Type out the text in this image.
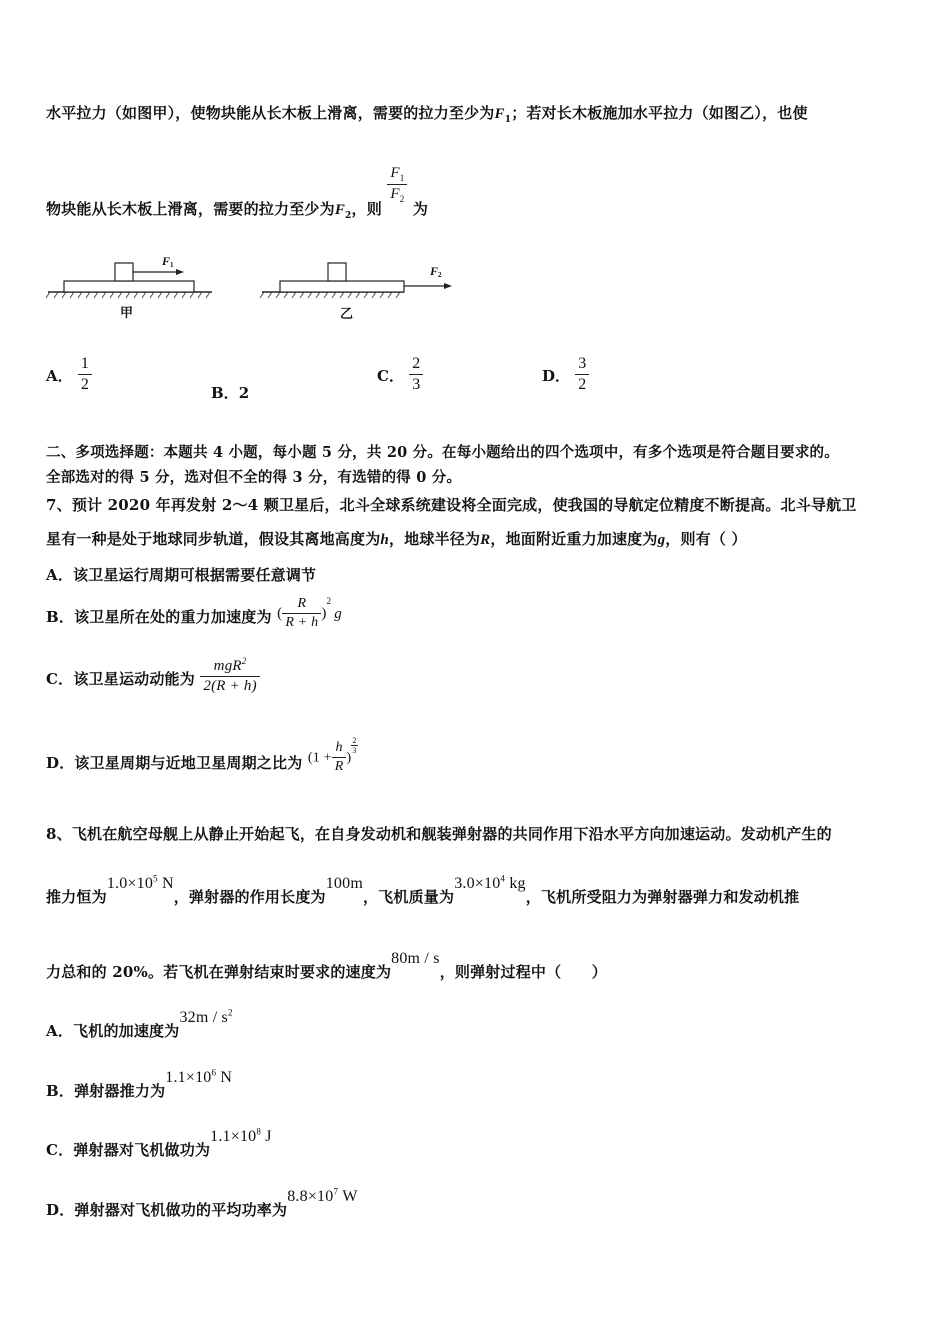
水平拉力（如图甲），使物块能从长木板上滑离，需要的拉力至少为$F_1$；若对长木板施加水平拉力（如图乙），也使
物块能从长木板上滑离，需要的拉力至少为$F_2$，则
$\frac{F_1}{F_2}$
为
F 1
甲
F 2
乙
A． $\frac{1}{2}$	B．2
C． $\frac{2}{3}$	D． $\frac{3}{2}$
二、多项选择题：本题共 4 小题，每小题 5 分，共 20 分。在每小题给出的四个选项中，有多个选项是符合题目要求的。
全部选对的得 5 分，选对但不全的得 3 分，有选错的得 0 分。
7、预计 2020 年再发射 2～4 颗卫星后，北斗全球系统建设将全面完成，使我国的导航定位精度不断提高。北斗导航卫
星有一种是处于地球同步轨道，假设其离地高度为h，地球半径为R，地面附近重力加速度为g，则有（ ）
A．该卫星运行周期可根据需要任意调节
B．该卫星所在处的重力加速度为 ( $\frac{R}{R + h} )^2g$
C．该卫星运动动能为 $\frac{mgR^2}{2(R + h)}$
D．该卫星周期与近地卫星周期之比为 ($1 + \frac{h}{R}$ )
$\frac{2}{3}$
8、飞机在航空母舰上从静止开始起飞，在自身发动机和舰装弹射器的共同作用下沿水平方向加速运动。发动机产生的
推力恒为$1.0\times 10^5$ N，弹射器的作用长度为100m，飞机质量为$3.0\times 10^4$ kg，飞机所受阻力为弹射器弹力和发动机推
力总和的 20%。若飞机在弹射结束时要求的速度为80m / s，则弹射过程中（　　）
A．飞机的加速度为$32m / s^2$
B．弹射器推力为$1.1\times 10^6$ N
C．弹射器对飞机做功为$1.1\times 10^8$ J
D．弹射器对飞机做功的平均功率为$8.8\times 10^7$ W
